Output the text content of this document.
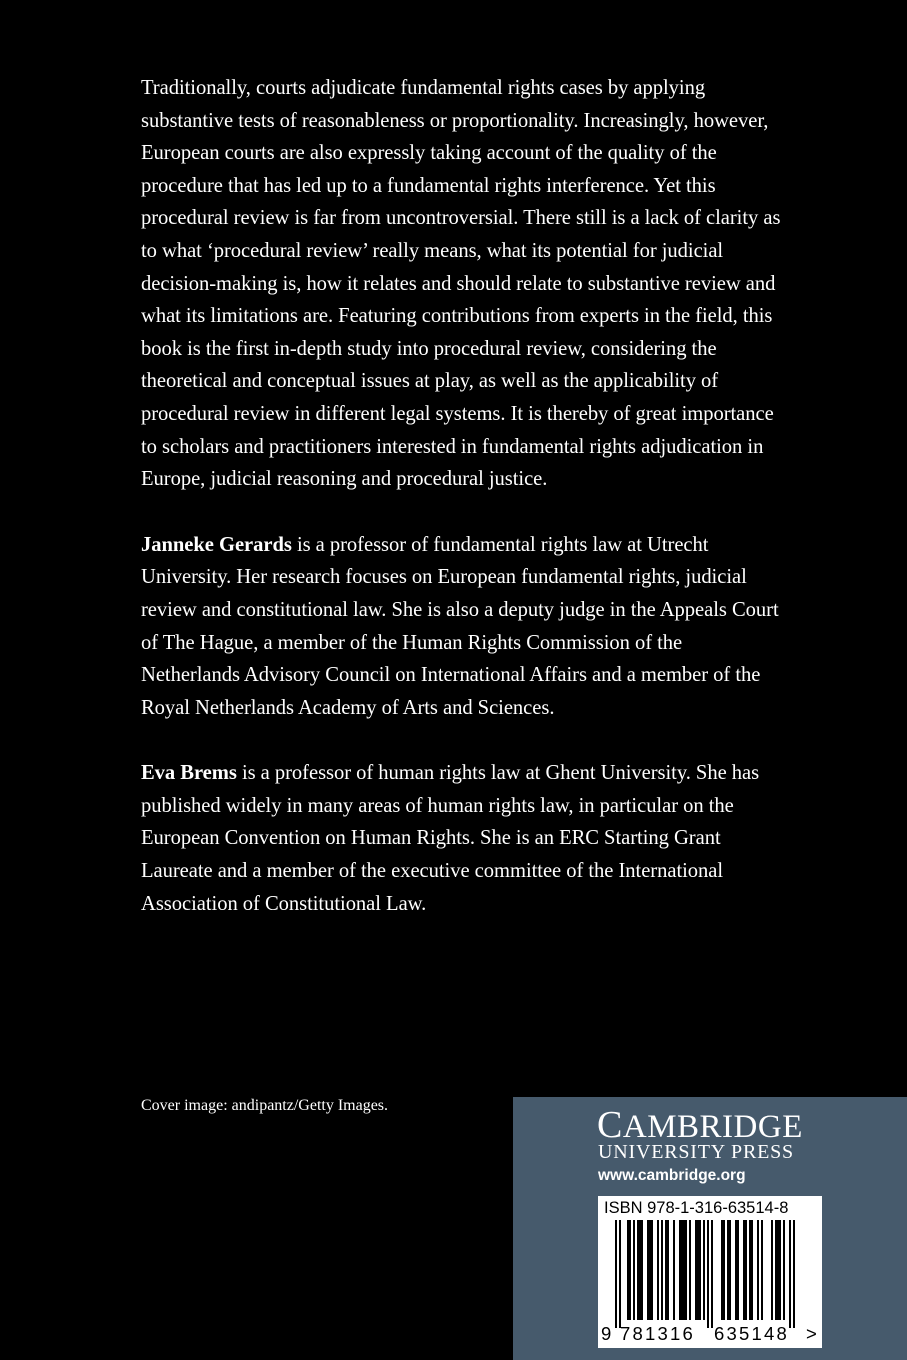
Traditionally, courts adjudicate fundamental rights cases by applying substantive tests of reasonableness or proportionality. Increasingly, however, European courts are also expressly taking account of the quality of the procedure that has led up to a fundamental rights interference. Yet this procedural review is far from uncontroversial. There still is a lack of clarity as to what ‘procedural review’ really means, what its potential for judicial decision-making is, how it relates and should relate to substantive review and what its limitations are. Featuring contributions from experts in the field, this book is the first in-depth study into procedural review, considering the theoretical and conceptual issues at play, as well as the applicability of procedural review in different legal systems. It is thereby of great importance to scholars and practitioners interested in fundamental rights adjudication in Europe, judicial reasoning and procedural justice.

Janneke Gerards is a professor of fundamental rights law at Utrecht University. Her research focuses on European fundamental rights, judicial review and constitutional law. She is also a deputy judge in the Appeals Court of The Hague, a member of the Human Rights Commission of the Netherlands Advisory Council on International Affairs and a member of the Royal Netherlands Academy of Arts and Sciences.

Eva Brems is a professor of human rights law at Ghent University. She has published widely in many areas of human rights law, in particular on the European Convention on Human Rights. She is an ERC Starting Grant Laureate and a member of the executive committee of the International Association of Constitutional Law.

Cover image: andipantz/Getty Images.	CAMBRIDGE
UNIVERSITY PRESS
www.cambridge.org
ISBN 978-1-316-63514-8
9 781316 635148 >
